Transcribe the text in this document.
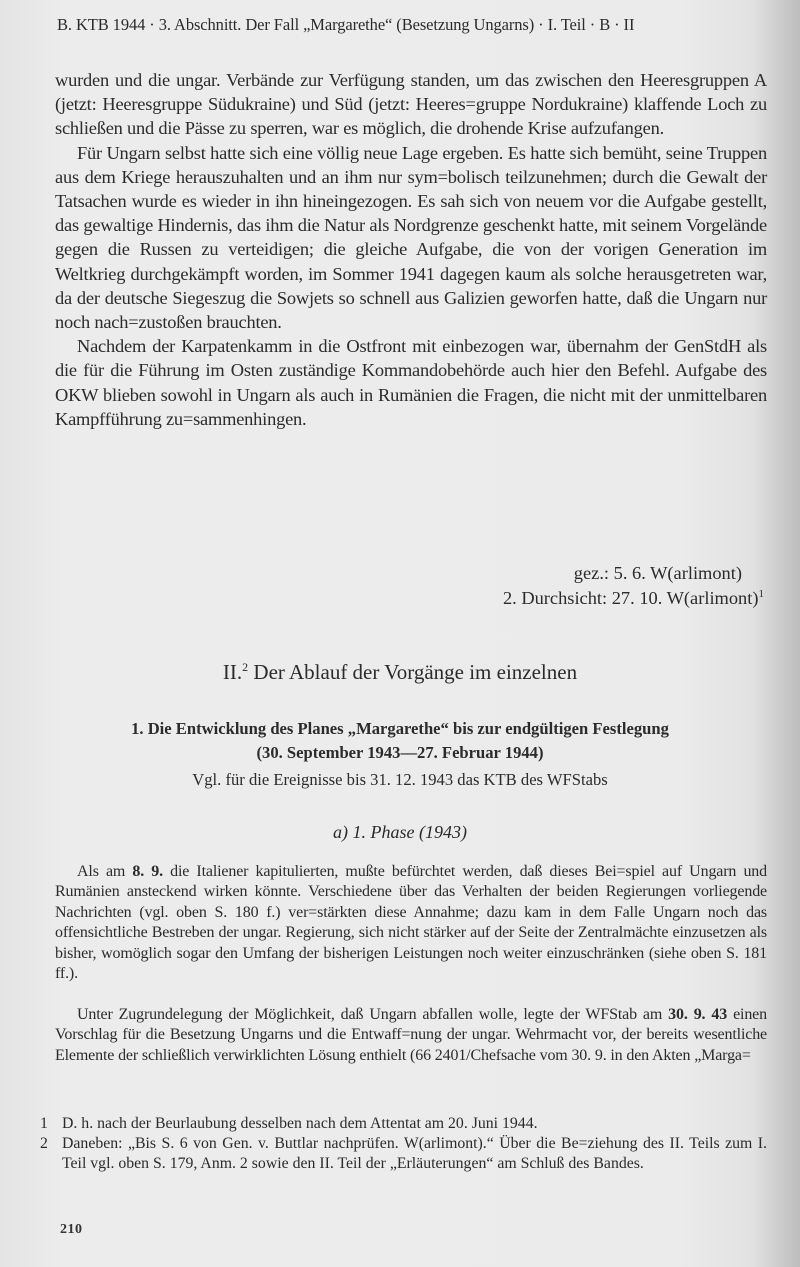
B. KTB 1944 · 3. Abschnitt. Der Fall „Margarethe“ (Besetzung Ungarns) · I. Teil · B · II

wurden und die ungar. Verbände zur Verfügung standen, um das zwischen den Heeresgruppen A (jetzt: Heeresgruppe Südukraine) und Süd (jetzt: Heeres=gruppe Nordukraine) klaffende Loch zu schließen und die Pässe zu sperren, war es möglich, die drohende Krise aufzufangen.

Für Ungarn selbst hatte sich eine völlig neue Lage ergeben. Es hatte sich bemüht, seine Truppen aus dem Kriege herauszuhalten und an ihm nur sym=bolisch teilzunehmen; durch die Gewalt der Tatsachen wurde es wieder in ihn hineingezogen. Es sah sich von neuem vor die Aufgabe gestellt, das gewaltige Hindernis, das ihm die Natur als Nordgrenze geschenkt hatte, mit seinem Vorgelände gegen die Russen zu verteidigen; die gleiche Aufgabe, die von der vorigen Generation im Weltkrieg durchgekämpft worden, im Sommer 1941 dagegen kaum als solche herausgetreten war, da der deutsche Siegeszug die Sowjets so schnell aus Galizien geworfen hatte, daß die Ungarn nur noch nach=zustoßen brauchten.

Nachdem der Karpatenkamm in die Ostfront mit einbezogen war, übernahm der GenStdH als die für die Führung im Osten zuständige Kommandobehörde auch hier den Befehl. Aufgabe des OKW blieben sowohl in Ungarn als auch in Rumänien die Fragen, die nicht mit der unmittelbaren Kampfführung zu=sammenhingen.

gez.: 5. 6. W(arlimont)
2. Durchsicht: 27. 10. W(arlimont)$^1$
II.$^2$ Der Ablauf der Vorgänge im einzelnen
1. Die Entwicklung des Planes „Margarethe“ bis zur endgültigen Festlegung
(30. September 1943—27. Februar 1944)
Vgl. für die Ereignisse bis 31. 12. 1943 das KTB des WFStabs
a) 1. Phase (1943)

Als am 8. 9. die Italiener kapitulierten, mußte befürchtet werden, daß dieses Bei=spiel auf Ungarn und Rumänien ansteckend wirken könnte. Verschiedene über das Verhalten der beiden Regierungen vorliegende Nachrichten (vgl. oben S. 180 f.) ver=stärkten diese Annahme; dazu kam in dem Falle Ungarn noch das offensichtliche Bestreben der ungar. Regierung, sich nicht stärker auf der Seite der Zentralmächte einzusetzen als bisher, womöglich sogar den Umfang der bisherigen Leistungen noch weiter einzuschränken (siehe oben S. 181 ff.).

Unter Zugrundelegung der Möglichkeit, daß Ungarn abfallen wolle, legte der WFStab am 30. 9. 43 einen Vorschlag für die Besetzung Ungarns und die Entwaff=nung der ungar. Wehrmacht vor, der bereits wesentliche Elemente der schließlich verwirklichten Lösung enthielt (66 2401/Chefsache vom 30. 9. in den Akten „Marga=

1 D. h. nach der Beurlaubung desselben nach dem Attentat am 20. Juni 1944.
2 Daneben: „Bis S. 6 von Gen. v. Buttlar nachprüfen. W(arlimont).“ Über die Be=ziehung des II. Teils zum I. Teil vgl. oben S. 179, Anm. 2 sowie den II. Teil der „Erläuterungen“ am Schluß des Bandes.
210
